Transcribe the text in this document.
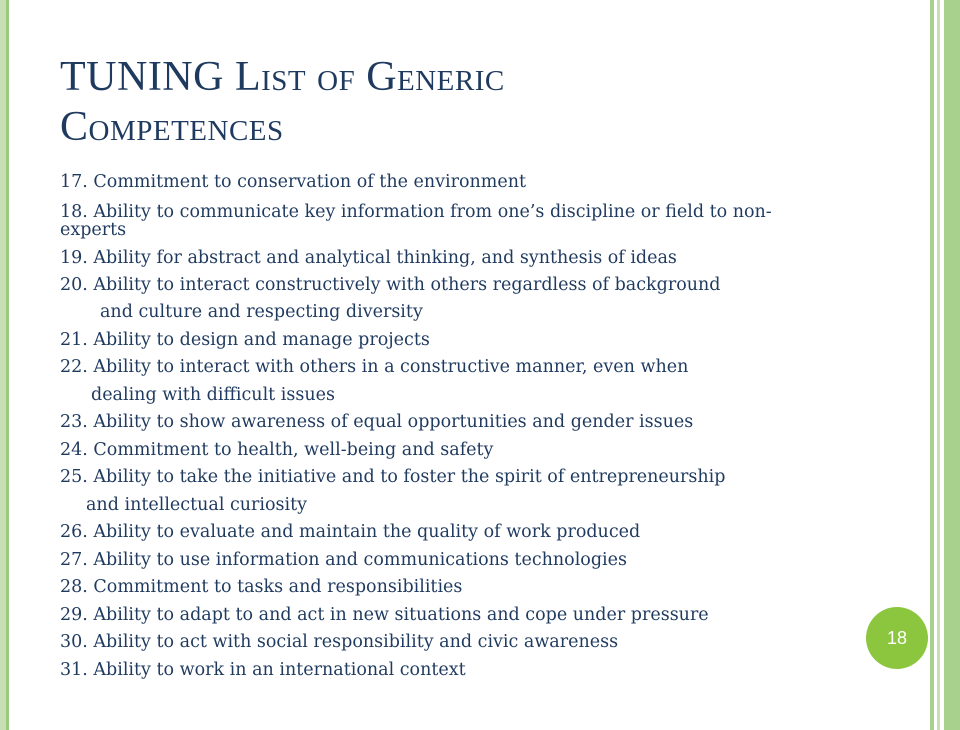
TUNING List of Generic
Competences
17. Commitment to conservation of the environment
18. Ability to communicate key information from one’s discipline or field to non-
experts
19. Ability for abstract and analytical thinking, and synthesis of ideas
20. Ability to interact constructively with others regardless of background
and culture and respecting diversity
21. Ability to design and manage projects
22. Ability to interact with others in a constructive manner, even when
dealing with difficult issues
23. Ability to show awareness of equal opportunities and gender issues
24. Commitment to health, well-being and safety
25. Ability to take the initiative and to foster the spirit of entrepreneurship
and intellectual curiosity
26. Ability to evaluate and maintain the quality of work produced
27. Ability to use information and communications technologies
28. Commitment to tasks and responsibilities
29. Ability to adapt to and act in new situations and cope under pressure
30. Ability to act with social responsibility and civic awareness
31. Ability to work in an international context
18
